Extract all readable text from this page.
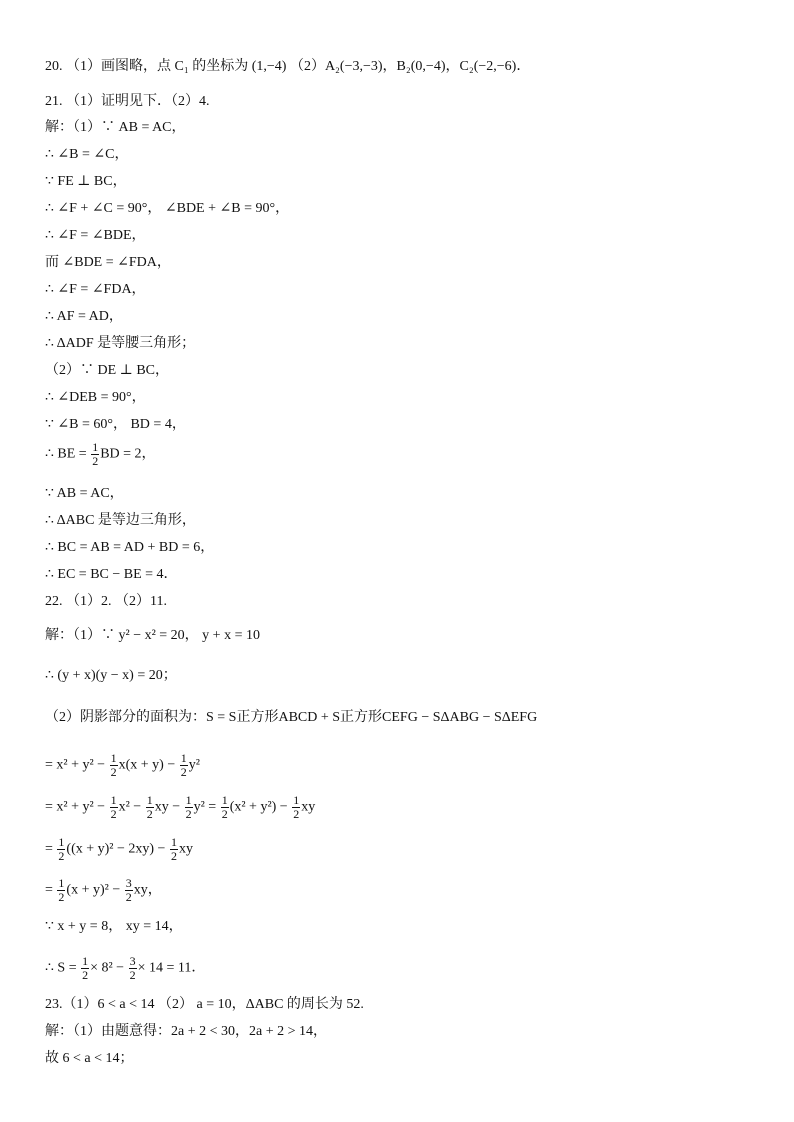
20. （1）画图略，点 C₁ 的坐标为 (1,−4) （2）A₂(−3,−3)，B₂(0,−4)，C₂(−2,−6)．
21. （1）证明见下．（2）4.
解：（1）∵ AB = AC，
∴ ∠B = ∠C，
∵ FE ⊥ BC，
∴ ∠F + ∠C = 90°， ∠BDE + ∠B = 90°，
∴ ∠F = ∠BDE，
而 ∠BDE = ∠FDA，
∴ ∠F = ∠FDA，
∴ AF = AD，
∴ ΔADF 是等腰三角形；
（2）∵ DE ⊥ BC，
∴ ∠DEB = 90°，
∵ ∠B = 60°， BD = 4，
∵ AB = AC，
∴ ΔABC 是等边三角形，
∴ BC = AB = AD + BD = 6，
∴ EC = BC − BE = 4．
22. （1）2. （2）11.
解：（1）∵ y² − x² = 20， y + x = 10
∴ (y + x)(y − x) = 20；
（2）阴影部分的面积为：S = S正方形ABCD + S正方形CEFG − SΔABG − SΔEFG
∵ x + y = 8， xy = 14，
23.（1）6 < a < 14 （2） a = 10，ΔABC 的周长为 52.
解：（1）由题意得：2a + 2 < 30，2a + 2 > 14，
故 6 < a < 14；
∴ BE = $\frac{1}{2}$ BD = 2，
= $x^2 + y^2 - \frac{1}{2} x(x + y) - \frac{1}{2} y^2$
= $x^2 + y^2 - \frac{1}{2} x^2 - \frac{1}{2}$ xy − $\frac{1}{2} y^2 = \frac{1}{2} (x^2 + y^2) - \frac{1}{2}$ xy
= $\frac{1}{2} ((x + y)^2 - 2xy) - \frac{1}{2}$ xy
= $\frac{1}{2} (x + y)^2 - \frac{3}{2}$ xy，
∴ $S = \frac{1}{2} \times 8^2 - \frac{3}{2} \times 14 = 11$．
